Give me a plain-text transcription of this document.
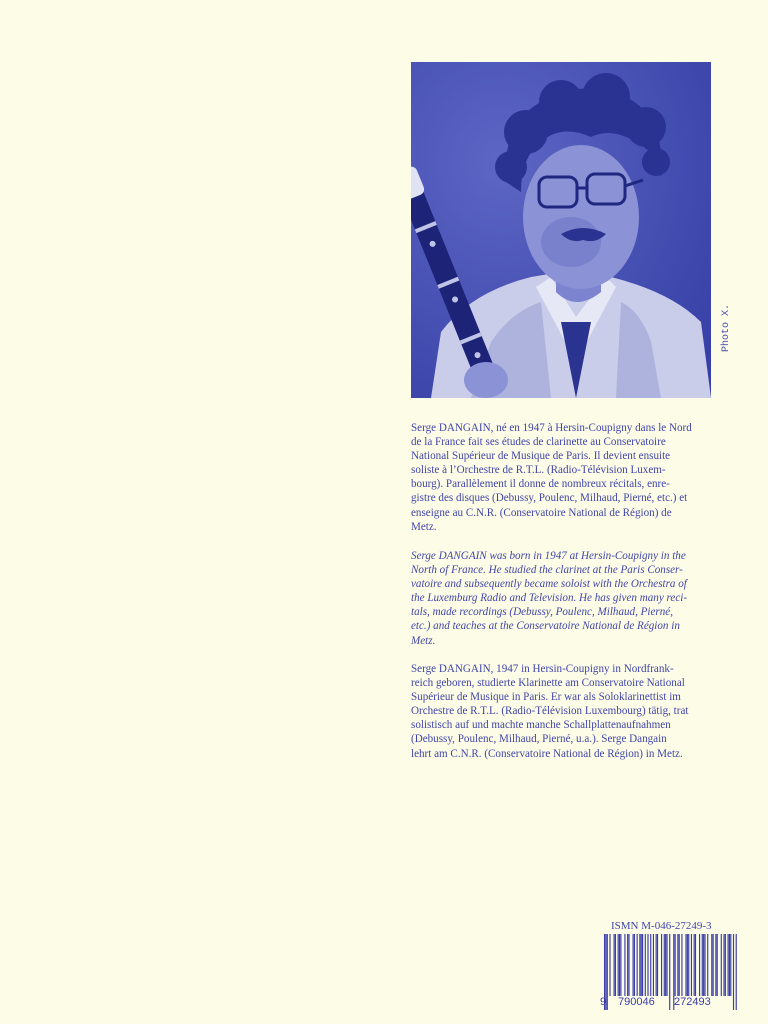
Photo X.

Serge DANGAIN, né en 1947 à Hersin-Coupigny dans le Nord
de la France fait ses études de clarinette au Conservatoire
National Supérieur de Musique de Paris. Il devient ensuite
soliste à l’Orchestre de R.T.L. (Radio-Télévision Luxem-
bourg). Parallèlement il donne de nombreux récitals, enre-
gistre des disques (Debussy, Poulenc, Milhaud, Pierné, etc.) et
enseigne au C.N.R. (Conservatoire National de Région) de
Metz.

Serge DANGAIN was born in 1947 at Hersin-Coupigny in the
North of France. He studied the clarinet at the Paris Conser-
vatoire and subsequently became soloist with the Orchestra of
the Luxemburg Radio and Television. He has given many reci-
tals, made recordings (Debussy, Poulenc, Milhaud, Pierné,
etc.) and teaches at the Conservatoire National de Région in
Metz.

Serge DANGAIN, 1947 in Hersin-Coupigny in Nordfrank-
reich geboren, studierte Klarinette am Conservatoire National
Supérieur de Musique in Paris. Er war als Soloklarinettist im
Orchestre de R.T.L. (Radio-Télévision Luxembourg) tätig, trat
solistisch auf und machte manche Schallplattenaufnahmen
(Debussy, Poulenc, Milhaud, Pierné, u.a.). Serge Dangain
lehrt am C.N.R. (Conservatoire National de Région) in Metz.

ISMN M-046-27249-3
9 790046 272493
